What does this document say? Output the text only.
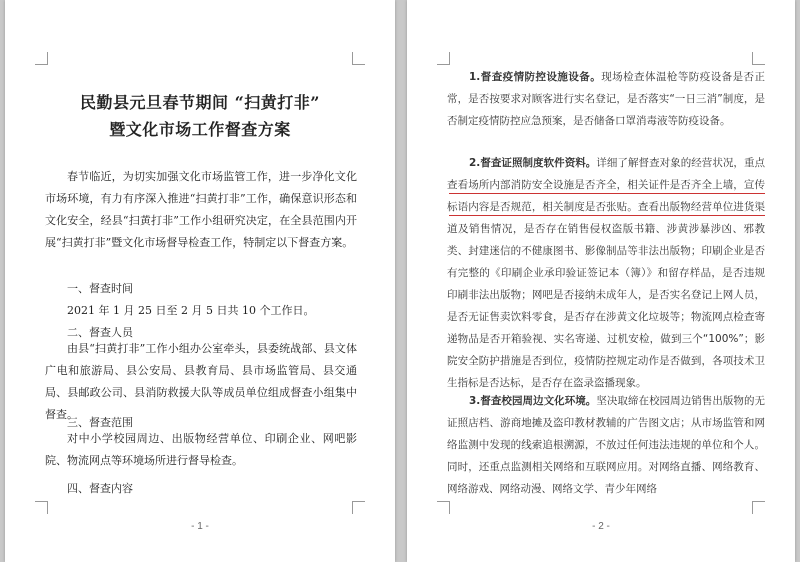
民勤县元旦春节期间 “扫黄打非”
暨文化市场工作督查方案

春节临近，为切实加强文化市场监管工作，进一步净化文化市场环境，有力有序深入推进“扫黄打非”工作，确保意识形态和文化安全，经县“扫黄打非”工作小组研究决定，在全县范围内开展“扫黄打非”暨文化市场督导检查工作，特制定以下督查方案。

一、督查时间
2021 年 1 月 25 日至 2 月 5 日共 10 个工作日。
二、督查人员

由县“扫黄打非”工作小组办公室牵头，县委统战部、县文体广电和旅游局、县公安局、县教育局、县市场监管局、县交通局、县邮政公司、县消防救援大队等成员单位组成督查小组集中督查。

三、督查范围

对中小学校园周边、出版物经营单位、印刷企业、网吧影院、物流网点等环境场所进行督导检查。

四、督查内容
- 1 -

1.督查疫情防控设施设备。现场检查体温枪等防疫设备是否正常，是否按要求对顾客进行实名登记，是否落实“一日三消”制度，是否制定疫情防控应急预案，是否储备口罩消毒液等防疫设备。

2.督查证照制度软件资料。详细了解督查对象的经营状况，重点查看场所内部消防安全设施是否齐全，相关证件是否齐全上墙，宣传标语内容是否规范，相关制度是否张贴。查看出版物经营单位进货渠道及销售情况，是否存在销售侵权盗版书籍、涉黄涉暴涉凶、邪教类、封建迷信的不健康图书、影像制品等非法出版物；印刷企业是否有完整的《印刷企业承印验证签记本（簿）》和留存样品，是否违规印刷非法出版物；网吧是否接纳未成年人，是否实名登记上网人员，是否无证售卖饮料零食，是否存在涉黄文化垃圾等；物流网点检查寄递物品是否开箱验视、实名寄递、过机安检，做到三个“100%”；影院安全防护措施是否到位，疫情防控规定动作是否做到，各项技术卫生指标是否达标，是否存在盗录盗播现象。

3.督查校园周边文化环境。坚决取缔在校园周边销售出版物的无证照店档、游商地摊及盗印教材教辅的广告图文店；从市场监管和网络监测中发现的线索追根溯源，不放过任何违法违规的单位和个人。同时，还重点监测相关网络和互联网应用。对网络直播、网络教育、网络游戏、网络动漫、网络文学、青少年网络

- 2 -
